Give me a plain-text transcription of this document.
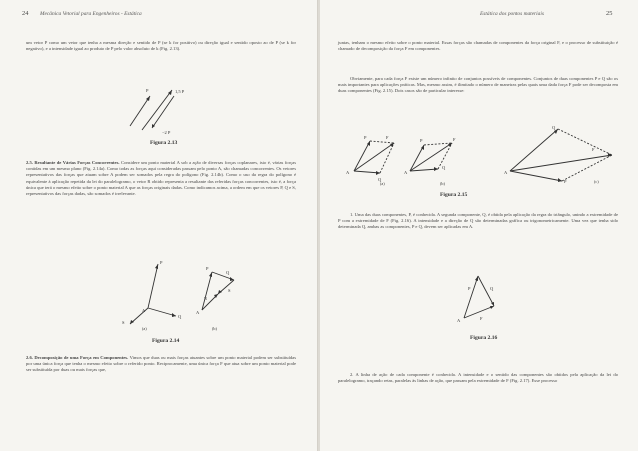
24 Mecânica Vetorial para Engenheiros - Estática

um vetor P como um vetor que tenha a mesma direção e sentido de P (se k for positivo) ou direção igual e sentido oposto ao de P (se k for negativo), e a intensidade igual ao produto de P pelo valor absoluto de k (Fig. 2.13).

P	1,5 P
−2 P
Figura 2.13

2.5. Resultante de Várias Forças Concorrentes. Considere um ponto material A sob a ação de diversas forças coplanares, isto é, várias forças contidas em um mesmo plano (Fig. 2.14a). Como todas as forças aqui consideradas passam pelo ponto A, são chamadas concorrentes. Os vetores representativos das forças que atuam sobre A podem ser somados pela regra do polígono (Fig. 2.14b). Como o uso da regra do polígono é equivalente à aplicação repetida da lei do paralelogramo, o vetor R obtido representa a resultante das referidas forças concorrentes, isto é, a força única que terá o mesmo efeito sobre o ponto material A que as forças originais dadas. Como indicamos acima, a ordem em que os vetores P, Q e S, representativos das forças dadas, são somados é irrelevante.

P
Q
S
A
(a)
P
Q
S
R
A
(b)
Figura 2.14

2.6. Decomposição de uma Força em Componentes. Vimos que duas ou mais forças atuantes sobre um ponto material podem ser substituídas por uma única força que tenha o mesmo efeito sobre o referido ponto. Reciprocamente, uma única força F que atua sobre um ponto material pode ser substituída por duas ou mais forças que,

Estática dos pontos materiais	25

juntas, tenham o mesmo efeito sobre o ponto material. Essas forças são chamadas de componentes da força original F, e o processo de substituição é chamado de decomposição da força F em componentes.

Obviamente, para cada força F existe um número infinito de conjuntos possíveis de componentes. Conjuntos de duas componentes P e Q são os mais importantes para aplicações práticas. Mas, mesmo assim, é ilimitado o número de maneiras pelas quais uma dada força F pode ser decomposta em duas componentes (Fig. 2.15). Dois casos são de particular interesse:

P
Q
F
A
(a)
P
Q
F
A
(b)
Q
P
F
A
(c)
Figura 2.15

1. Uma das duas componentes, P, é conhecida. A segunda componente, Q, é obtida pela aplicação da regra do triângulo, unindo a extremidade de P com a extremidade de F (Fig. 2.16). A intensidade e a direção de Q são determinadas gráfica ou trigonometricamente. Uma vez que tenha sido determinada Q, ambas as componentes, P e Q, devem ser aplicadas em A.

P	Q
F
A
Figura 2.16

2. A linha de ação de cada componente é conhecida. A intensidade e o sentido das componentes são obtidos pela aplicação da lei do paralelogramo, traçando retas, paralelas às linhas de ação, que passam pela extremidade de F (Fig. 2.17). Esse processo
